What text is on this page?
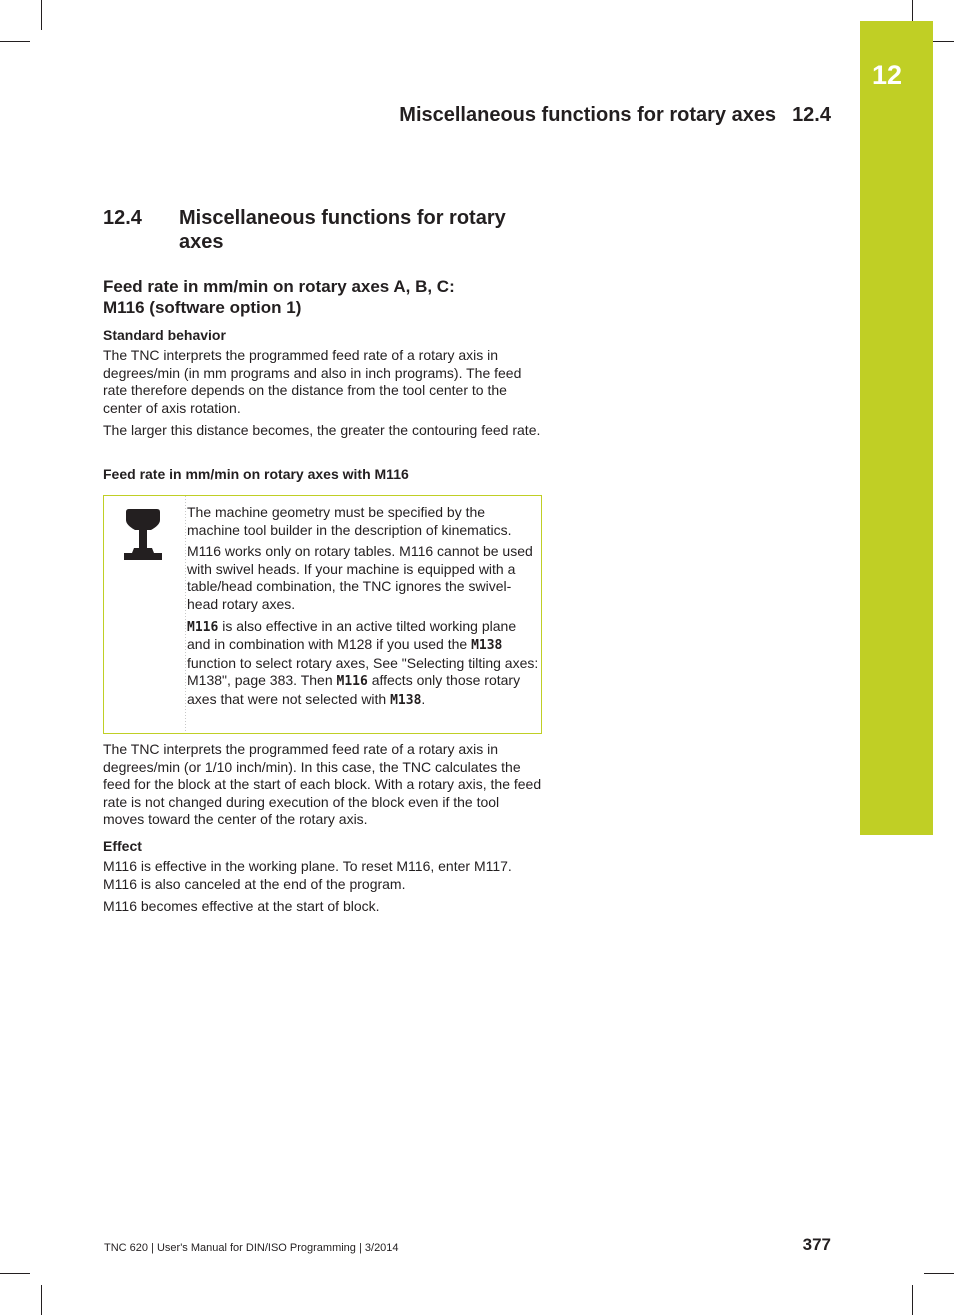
12
Miscellaneous functions for rotary axes 12.4
12.4 Miscellaneous functions for rotary
axes
Feed rate in mm/min on rotary axes A, B, C:
M116 (software option 1)
Standard behavior

The TNC interprets the programmed feed rate of a rotary axis in degrees/min (in mm programs and also in inch programs). The feed rate therefore depends on the distance from the tool center to the center of axis rotation.

The larger this distance becomes, the greater the contouring feed rate.

Feed rate in mm/min on rotary axes with M116

The machine geometry must be specified by the machine tool builder in the description of kinematics.

M116 works only on rotary tables. M116 cannot be used with swivel heads. If your machine is equipped with a table/head combination, the TNC ignores the swivel-head rotary axes.

M116 is also effective in an active tilted working plane and in combination with M128 if you used the M138 function to select rotary axes, See "Selecting tilting axes: M138", page 383. Then M116 affects only those rotary axes that were not selected with M138.

The TNC interprets the programmed feed rate of a rotary axis in degrees/min (or 1/10 inch/min). In this case, the TNC calculates the feed for the block at the start of each block. With a rotary axis, the feed rate is not changed during execution of the block even if the tool moves toward the center of the rotary axis.

Effect

M116 is effective in the working plane. To reset M116, enter M117. M116 is also canceled at the end of the program.

M116 becomes effective at the start of block.

TNC 620 | User's Manual for DIN/ISO Programming | 3/2014	377
